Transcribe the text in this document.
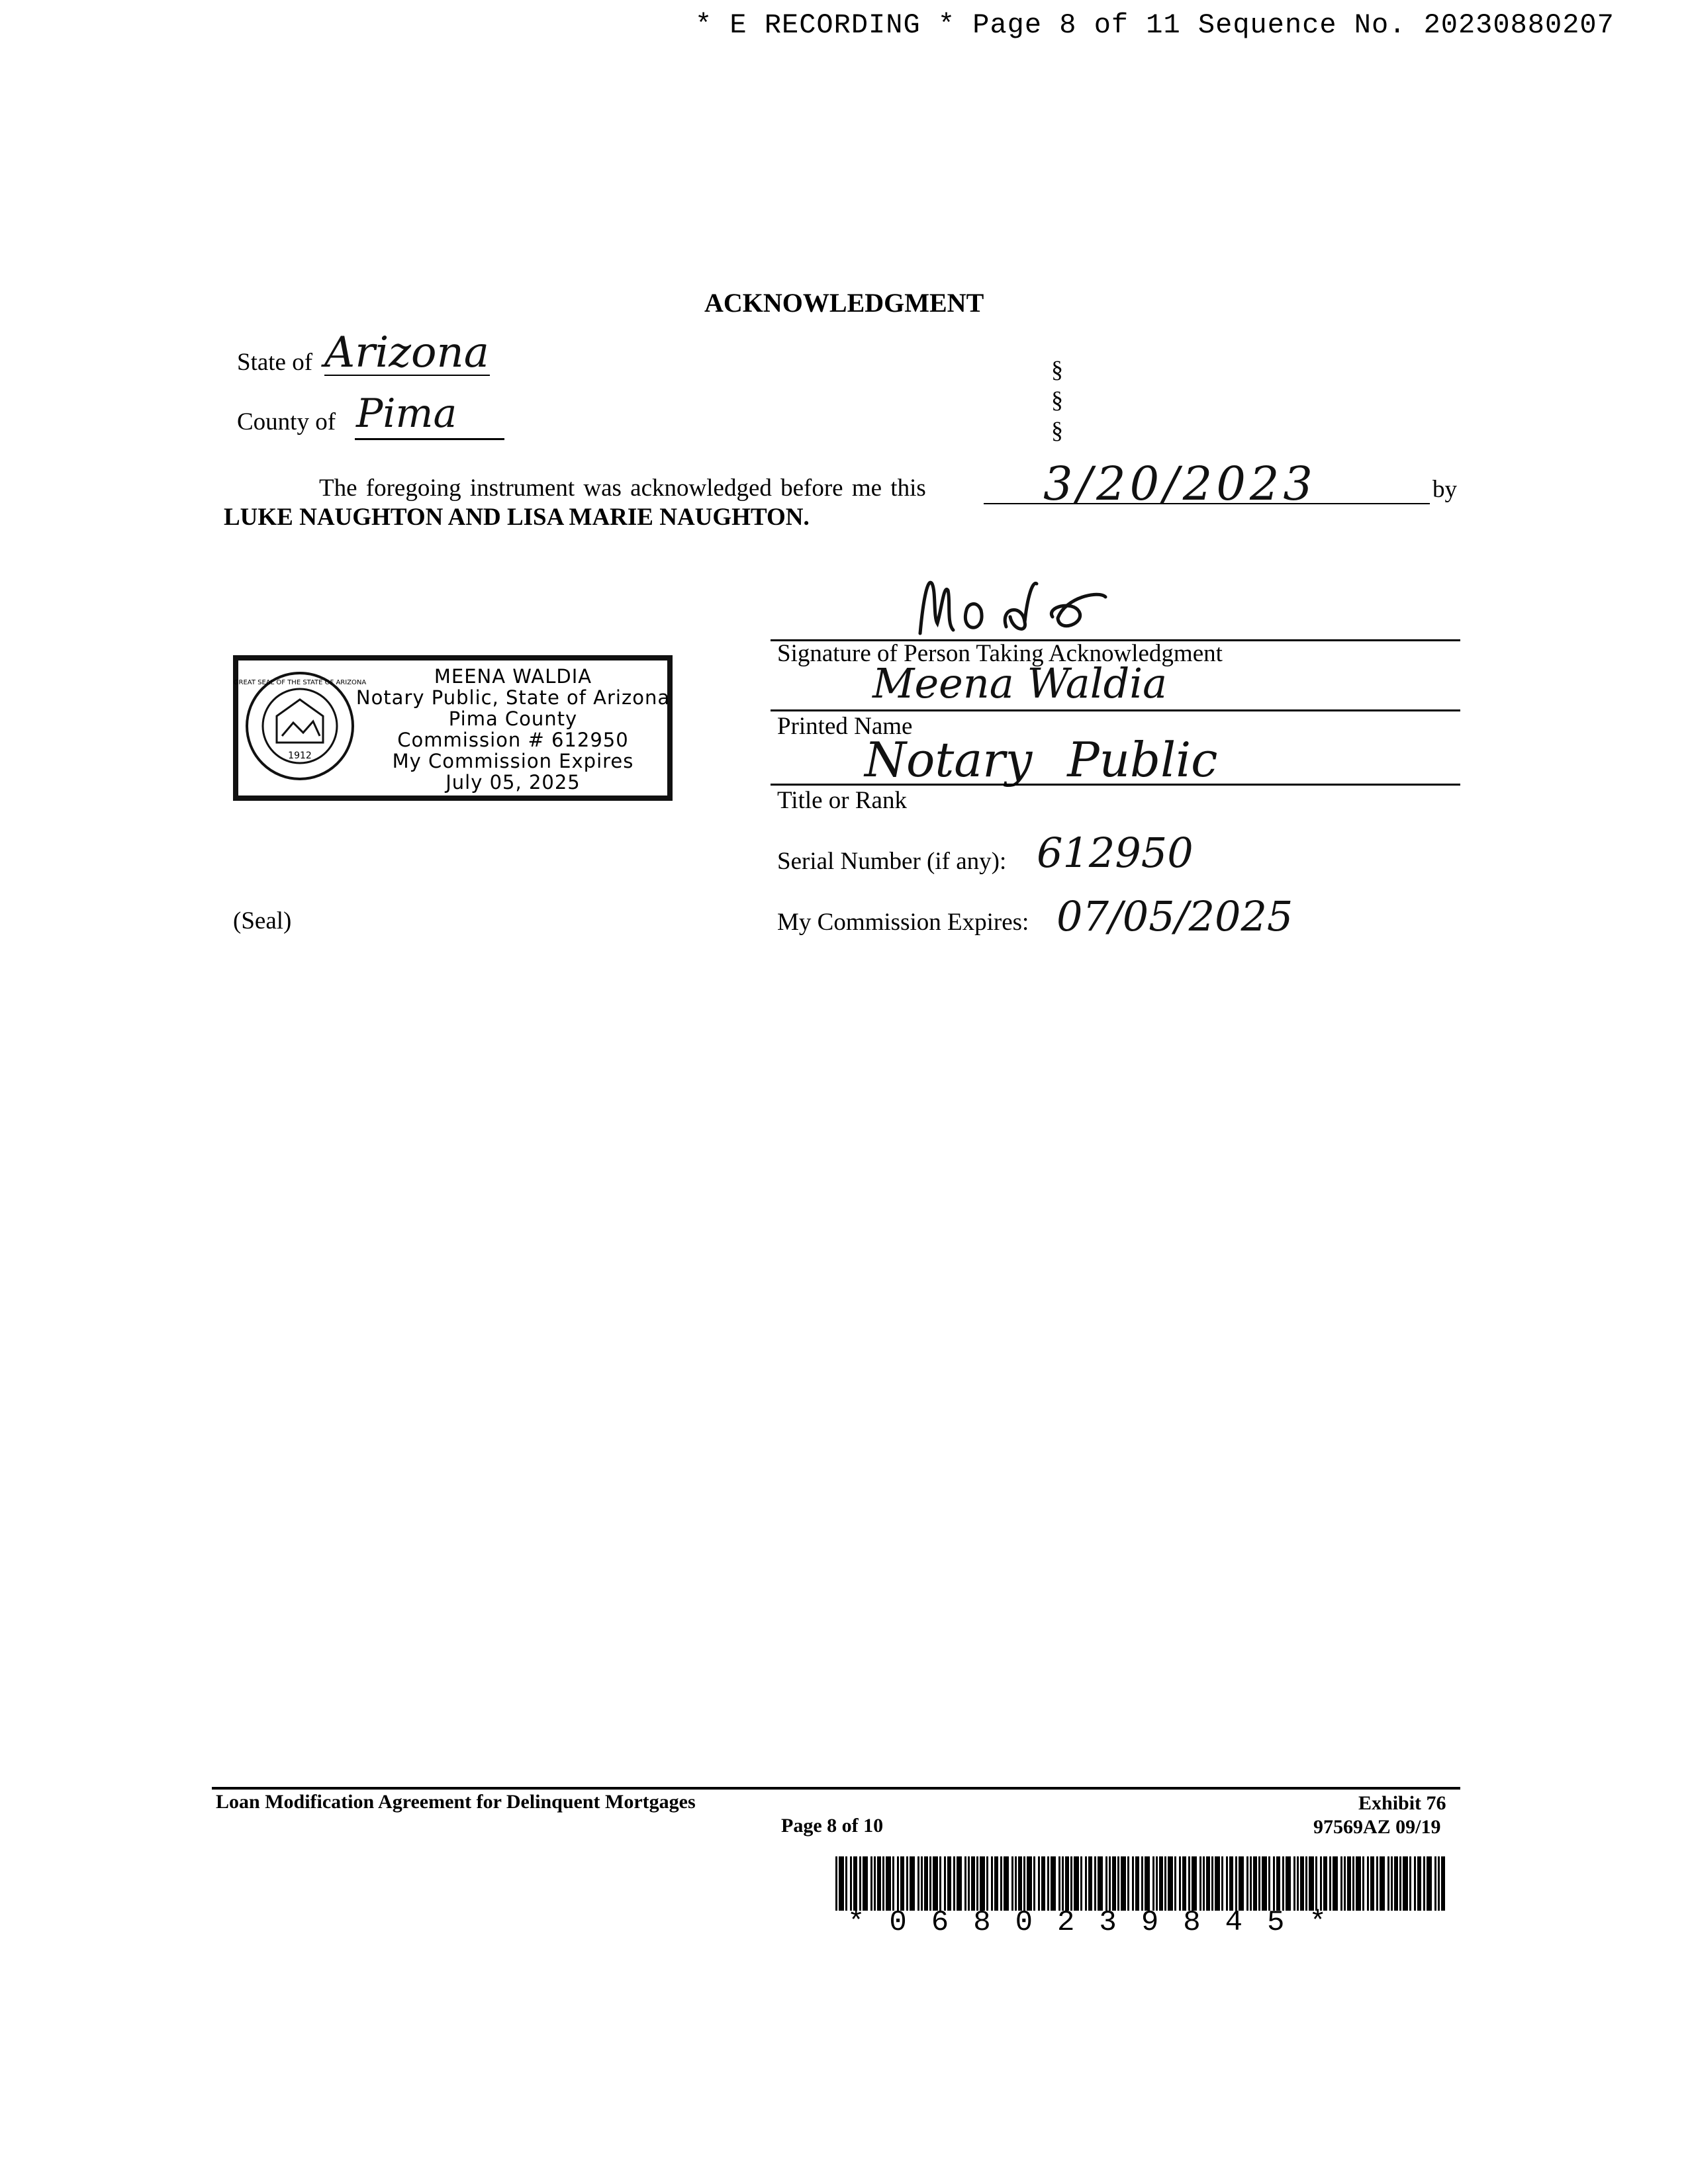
* E RECORDING * Page 8 of 11 Sequence No. 20230880207
ACKNOWLEDGMENT
State of Arizona
County of Pima
§
§
§
The foregoing instrument was acknowledged before me this	3/20/2023	by
LUKE NAUGHTON AND LISA MARIE NAUGHTON.
Signature of Person Taking Acknowledgment
Meena Waldia
Printed Name
Notary Public
Title or Rank
Serial Number (if any): 612950
My Commission Expires: 07/05/2025
(Seal)
1912
GREAT SEAL OF THE STATE OF ARIZONA	MEENA WALDIA
Notary Public, State of Arizona
Pima County
Commission # 612950
My Commission Expires
July 05, 2025
Loan Modification Agreement for Delinquent Mortgages
Page 8 of 10
Exhibit 76
97569AZ 09/19
*0680239845*
